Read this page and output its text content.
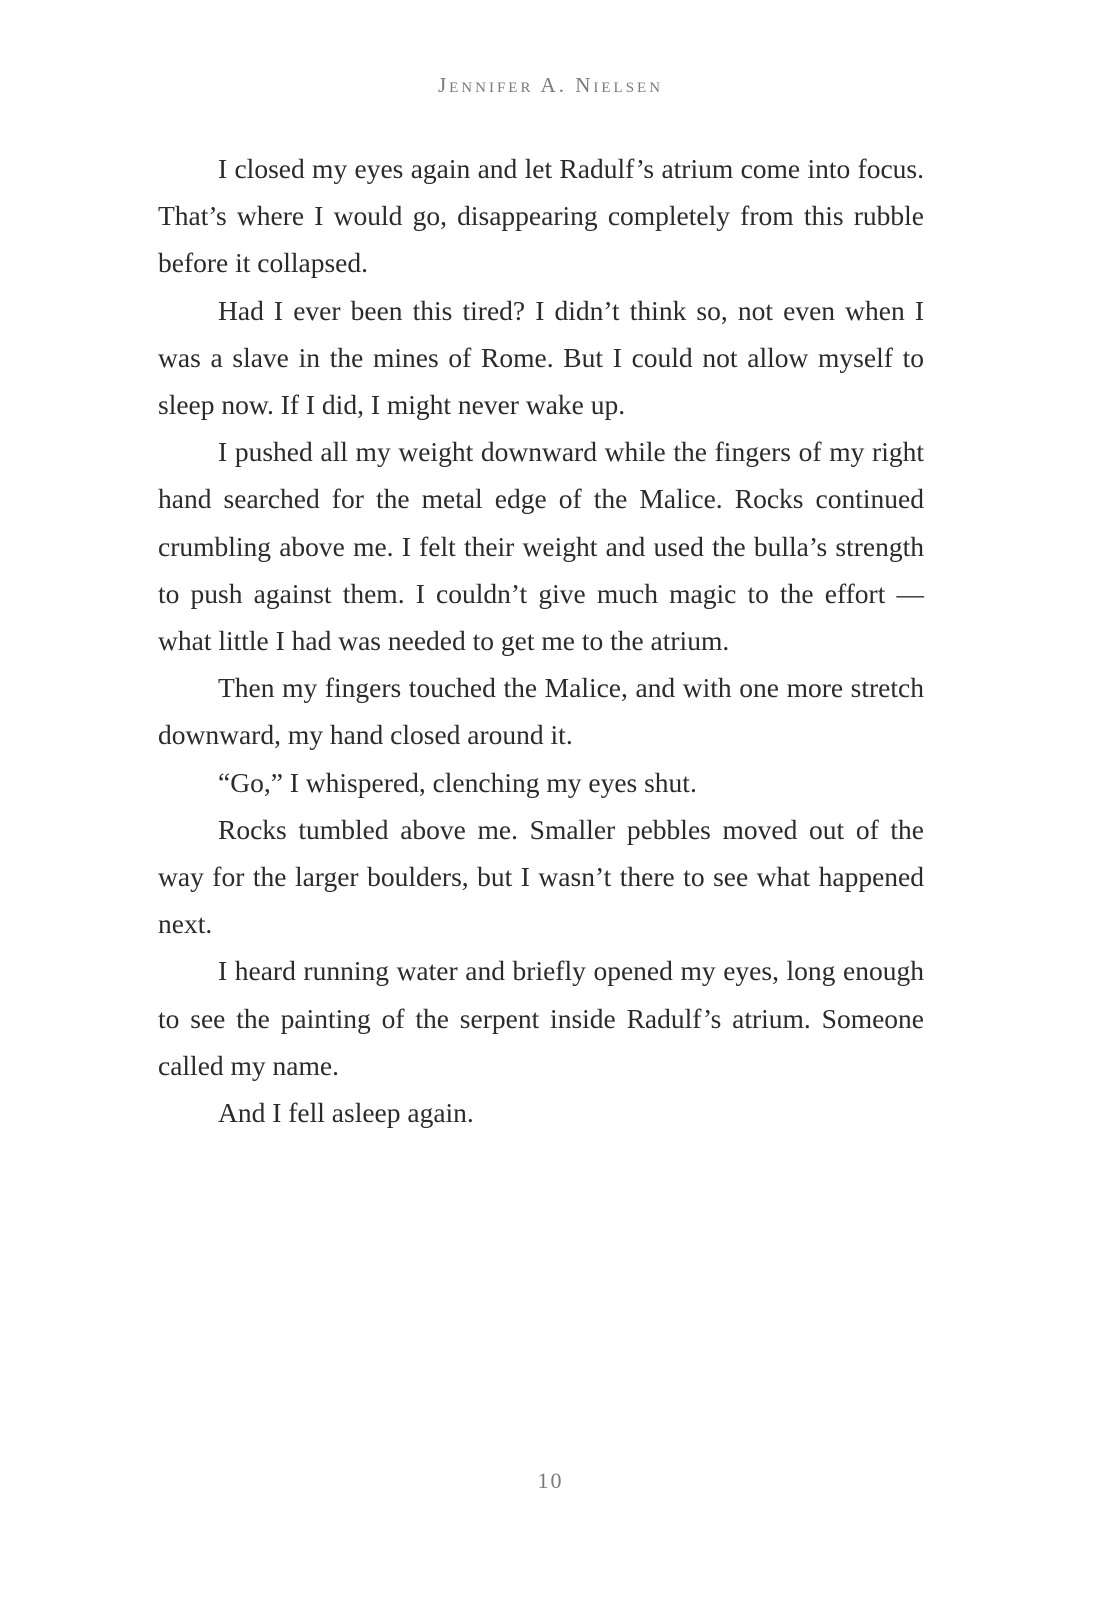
Jennifer A. Nielsen

I closed my eyes again and let Radulf’s atrium come into focus. That’s where I would go, disappearing completely from this rubble before it collapsed.

Had I ever been this tired? I didn’t think so, not even when I was a slave in the mines of Rome. But I could not allow myself to sleep now. If I did, I might never wake up.

I pushed all my weight downward while the fingers of my right hand searched for the metal edge of the Malice. Rocks continued crumbling above me. I felt their weight and used the bulla’s strength to push against them. I couldn’t give much magic to the effort — what little I had was needed to get me to the atrium.

Then my fingers touched the Malice, and with one more stretch downward, my hand closed around it.

“Go,” I whispered, clenching my eyes shut.

Rocks tumbled above me. Smaller pebbles moved out of the way for the larger boulders, but I wasn’t there to see what happened next.

I heard running water and briefly opened my eyes, long enough to see the painting of the serpent inside Radulf’s atrium. Someone called my name.

And I fell asleep again.

10
